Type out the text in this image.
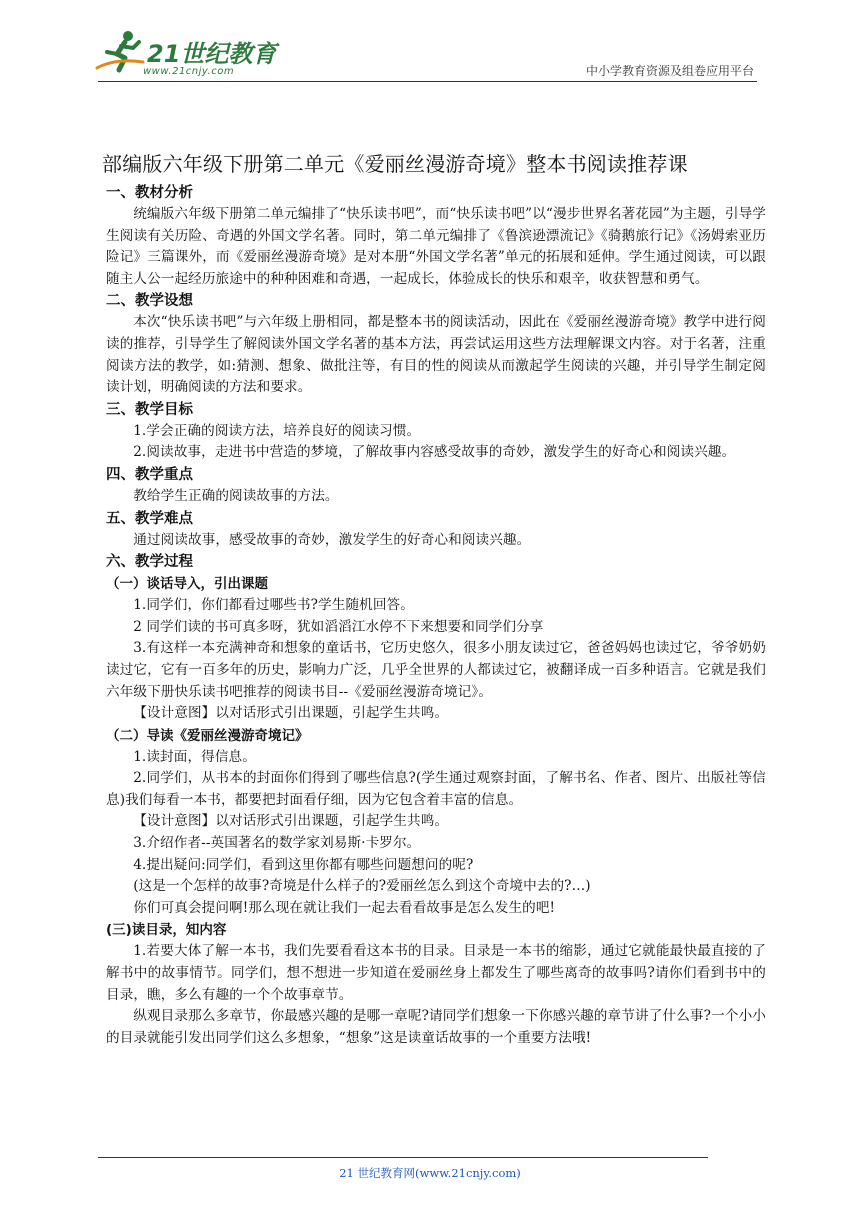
21世纪教育
www.21cnjy.com	中小学教育资源及组卷应用平台
部编版六年级下册第二单元《爱丽丝漫游奇境》整本书阅读推荐课
一、教材分析

统编版六年级下册第二单元编排了“快乐读书吧”，而“快乐读书吧”以“漫步世界名著花园”为主题，引导学生阅读有关历险、奇遇的外国文学名著。同时，第二单元编排了《鲁滨逊漂流记》《骑鹅旅行记》《汤姆索亚历险记》三篇课外，而《爱丽丝漫游奇境》是对本册“外国文学名著”单元的拓展和延伸。学生通过阅读，可以跟随主人公一起经历旅途中的种种困难和奇遇，一起成长，体验成长的快乐和艰辛，收获智慧和勇气。

二、教学设想

本次“快乐读书吧”与六年级上册相同，都是整本书的阅读活动，因此在《爱丽丝漫游奇境》教学中进行阅读的推荐，引导学生了解阅读外国文学名著的基本方法，再尝试运用这些方法理解课文内容。对于名著，注重阅读方法的教学，如:猜测、想象、做批注等，有目的性的阅读从而激起学生阅读的兴趣，并引导学生制定阅读计划，明确阅读的方法和要求。

三、教学目标

1.学会正确的阅读方法，培养良好的阅读习惯。

2.阅读故事，走进书中营造的梦境，了解故事内容感受故事的奇妙，激发学生的好奇心和阅读兴趣。

四、教学重点

教给学生正确的阅读故事的方法。

五、教学难点

通过阅读故事，感受故事的奇妙，激发学生的好奇心和阅读兴趣。

六、教学过程
（一）谈话导入，引出课题

1.同学们，你们都看过哪些书?学生随机回答。

2 同学们读的书可真多呀，犹如滔滔江水停不下来想要和同学们分享

3.有这样一本充满神奇和想象的童话书，它历史悠久，很多小朋友读过它，爸爸妈妈也读过它，爷爷奶奶读过它，它有一百多年的历史，影响力广泛，几乎全世界的人都读过它，被翻译成一百多种语言。它就是我们六年级下册快乐读书吧推荐的阅读书目--《爱丽丝漫游奇境记》。

【设计意图】以对话形式引出课题，引起学生共鸣。

（二）导读《爱丽丝漫游奇境记》

1.读封面，得信息。

2.同学们，从书本的封面你们得到了哪些信息?(学生通过观察封面，了解书名、作者、图片、出版社等信息)我们每看一本书，都要把封面看仔细，因为它包含着丰富的信息。

【设计意图】以对话形式引出课题，引起学生共鸣。

3.介绍作者--英国著名的数学家刘易斯·卡罗尔。

4.提出疑问:同学们，看到这里你都有哪些问题想问的呢?

(这是一个怎样的故事?奇境是什么样子的?爱丽丝怎么到这个奇境中去的?…)

你们可真会提问啊!那么现在就让我们一起去看看故事是怎么发生的吧!

(三)读目录，知内容

1.若要大体了解一本书，我们先要看看这本书的目录。目录是一本书的缩影，通过它就能最快最直接的了解书中的故事情节。同学们，想不想进一步知道在爱丽丝身上都发生了哪些离奇的故事吗?请你们看到书中的目录，瞧，多么有趣的一个个故事章节。

纵观目录那么多章节，你最感兴趣的是哪一章呢?请同学们想象一下你感兴趣的章节讲了什么事?一个小小的目录就能引发出同学们这么多想象，“想象”这是读童话故事的一个重要方法哦!

21 世纪教育网(www.21cnjy.com)
